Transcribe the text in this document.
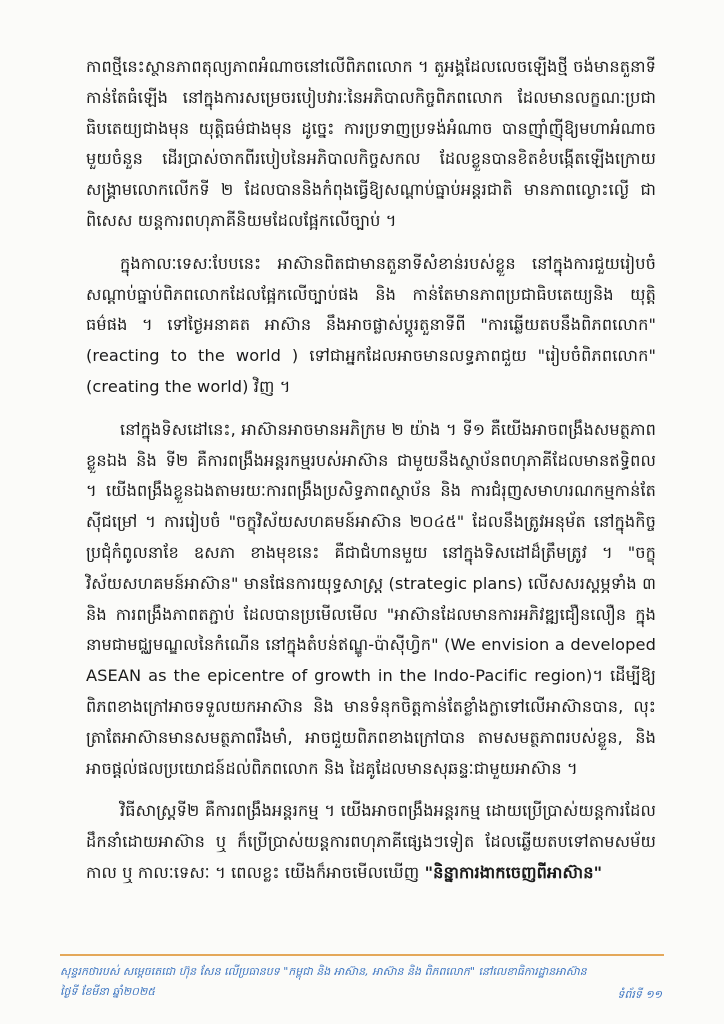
កាពថ្មីនេះស្ថានភាពតុល្យភាពអំណាចនៅលើពិភពលោក ។ តួអង្គដែលលេចឡើងថ្មី ចង់មានតួនាទីកាន់តែធំឡើង នៅក្នុងការសម្រេចរបៀបវារៈនៃអភិបាលកិច្ចពិភពលោក ដែលមានលក្ខណៈប្រជាធិបតេយ្យជាងមុន យុត្តិធម៌ជាងមុន ដូច្នេះ ការប្រទាញប្រទង់អំណាច បានញ៉ាំញ៉ីឱ្យមហាអំណាចមួយចំនួន ដើរប្រាស់ចាកពីរបៀបនៃអភិបាលកិច្ចសកល ដែលខ្លួនបានខិតខំបង្កើតឡើងក្រោយសង្គ្រាមលោកលើកទី ២ ដែលបាននិងកំពុងធ្វើឱ្យសណ្តាប់ធ្នាប់អន្តរជាតិ មានភាពល្ងោះល្ងើ ជាពិសេស យន្តការពហុភាគីនិយមដែលផ្អែកលើច្បាប់ ។

ក្នុងកាលៈទេសៈបែបនេះ អាស៊ានពិតជាមានតួនាទីសំខាន់របស់ខ្លួន នៅក្នុងការជួយរៀបចំសណ្តាប់ធ្នាប់ពិភពលោកដែលផ្អែកលើច្បាប់ផង និង កាន់តែមានភាពប្រជាធិបតេយ្យនិង យុត្តិធម៌ផង ។ ទៅថ្ងៃអនាគត អាស៊ាន នឹងអាចផ្លាស់ប្តូរតួនាទីពី "ការឆ្លើយតបនឹងពិភពលោក" (reacting to the world ) ទៅជាអ្នកដែលអាចមានលទ្ធភាពជួយ "រៀបចំពិភពលោក" (creating the world) វិញ ។

នៅក្នុងទិសដៅនេះ, អាស៊ានអាចមានអភិក្រម ២ យ៉ាង ។ ទី១ គឺយើងអាចពង្រឹងសមត្ថភាពខ្លួនឯង និង ទី២ គឺការពង្រឹងអន្តរកម្មរបស់អាស៊ាន ជាមួយនឹងស្ថាប័នពហុភាគីដែលមានឥទ្ធិពល ។ យើងពង្រឹងខ្លួនឯងតាមរយៈការពង្រឹងប្រសិទ្ធភាពស្ថាប័ន និង ការជំរុញសមាហរណកម្មកាន់តែស៊ីជម្រៅ ។ ការរៀបចំ "ចក្ខុវិស័យសហគមន៍អាស៊ាន ២០៤៥" ដែលនឹងត្រូវអនុម័ត នៅក្នុងកិច្ចប្រជុំកំពូលនាខែ ឧសភា ខាងមុខនេះ គឺជាជំហានមួយ នៅក្នុងទិសដៅដ៏ត្រឹមត្រូវ ។ "ចក្ខុវិស័យសហគមន៍អាស៊ាន" មានផែនការយុទ្ធសាស្ត្រ (strategic plans) លើសសរស្តម្ភទាំង ៣ និង ការពង្រឹងភាពតភ្ជាប់ ដែលបានប្រមើលមើល "អាស៊ានដែលមានការអភិវឌ្ឍជឿនលឿន ក្នុងនាមជាមជ្ឈមណ្ឌលនៃកំណើន នៅក្នុងតំបន់ឥណ្ឌូ-ប៉ាស៊ីហ្វិក" (We envision a developed ASEAN as the epicentre of growth in the Indo-Pacific region)។ ដើម្បីឱ្យពិភពខាងក្រៅអាចទទួលយកអាស៊ាន និង មានទំនុកចិត្តកាន់តែខ្លាំងក្លាទៅលើអាស៊ានបាន, លុះត្រាតែអាស៊ានមានសមត្ថភាពរឹងមាំ, អាចជួយពិភពខាងក្រៅបាន តាមសមត្ថភាពរបស់ខ្លួន, និង អាចផ្តល់ផលប្រយោជន៍ដល់ពិភពលោក និង ដៃគូដែលមានសុឆន្ទៈជាមួយអាស៊ាន ។

វិធីសាស្ត្រទី២ គឺការពង្រឹងអន្តរកម្ម ។ យើងអាចពង្រឹងអន្តរកម្ម ដោយប្រើប្រាស់យន្តការដែលដឹកនាំដោយអាស៊ាន ឬ ក៏ប្រើប្រាស់យន្តការពហុភាគីផ្សេងៗទៀត ដែលឆ្លើយតបទៅតាមសម័យកាល ឬ កាលៈទេសៈ ។ ពេលខ្លះ យើងក៏អាចមើលឃើញ "និន្នាការងាកចេញពីអាស៊ាន"

សុន្ទរកថារបស់ សម្តេចតេជោ ហ៊ុន សែន លើប្រធានបទ "កម្ពុជា និង អាស៊ាន, អាស៊ាន និង ពិភពលោក" នៅលេខាធិការដ្ឋានអាស៊ាន
ថ្ងៃទី ខែមីនា ឆ្នាំ២០២៥	ទំព័រទី ១១
